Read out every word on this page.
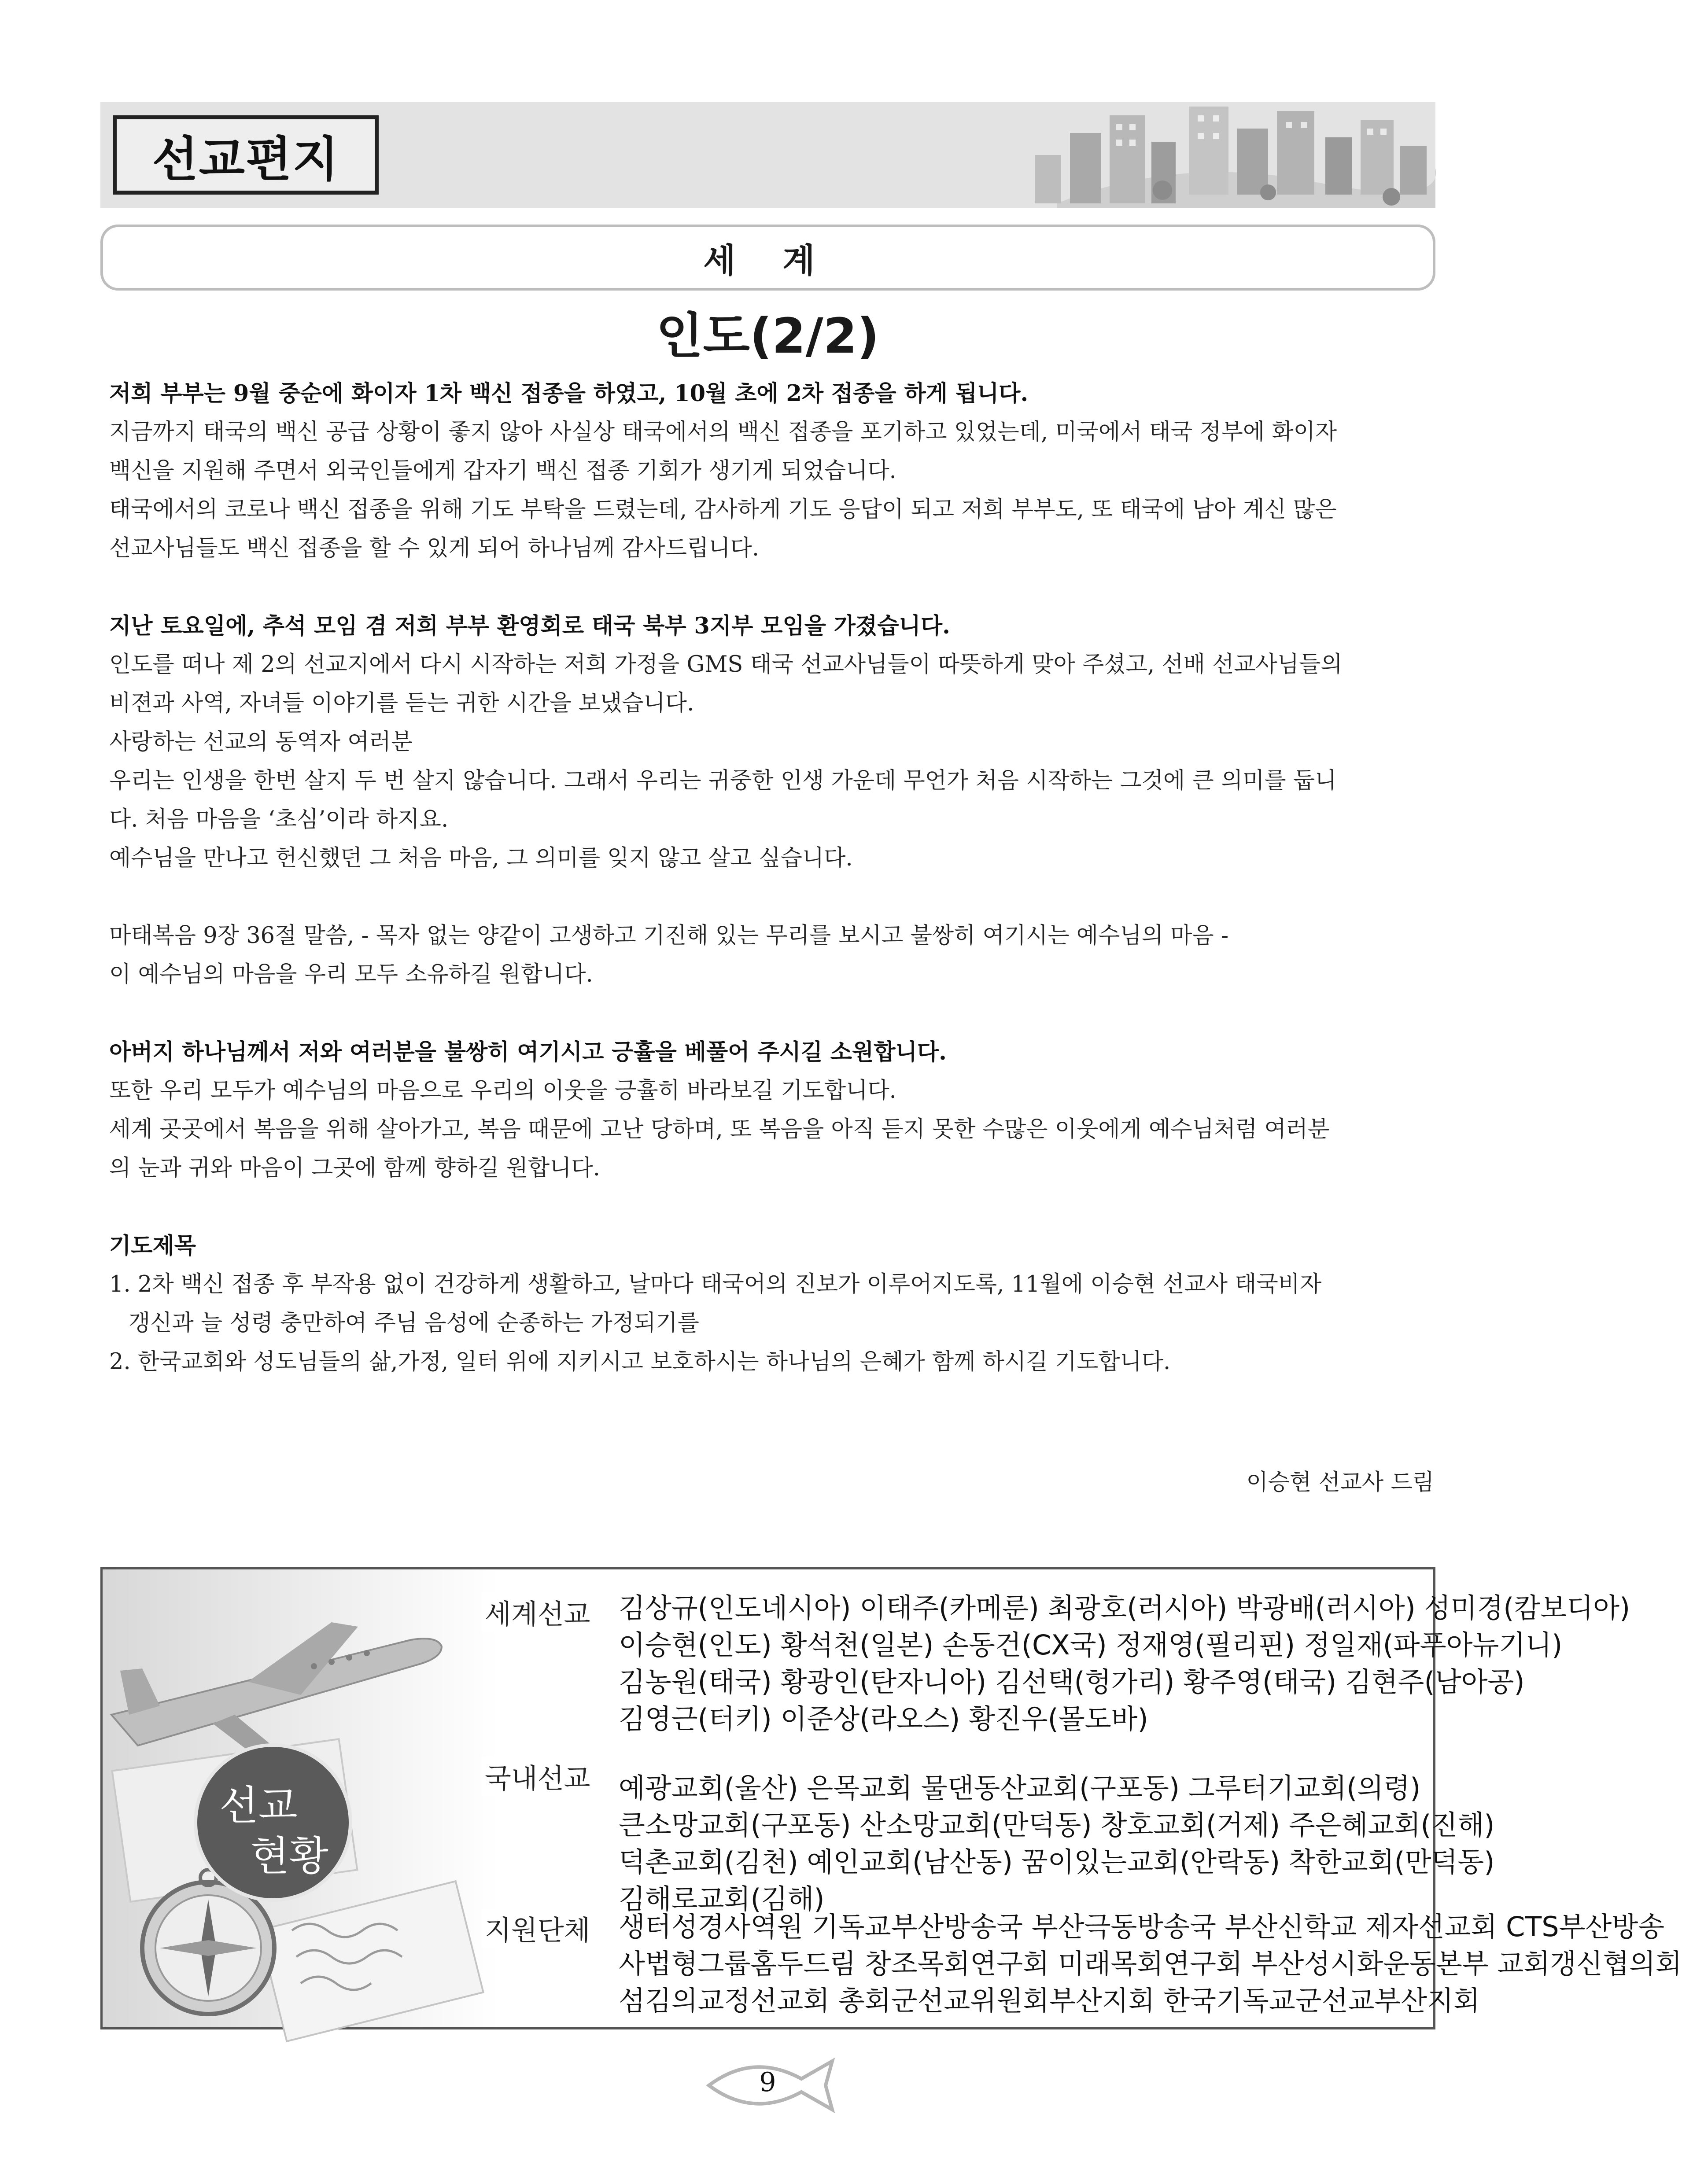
선교편지
세 계
인도(2/2)

저희 부부는 9월 중순에 화이자 1차 백신 접종을 하였고, 10월 초에 2차 접종을 하게 됩니다.

지금까지 태국의 백신 공급 상황이 좋지 않아 사실상 태국에서의 백신 접종을 포기하고 있었는데, 미국에서 태국 정부에 화이자

백신을 지원해 주면서 외국인들에게 갑자기 백신 접종 기회가 생기게 되었습니다.

태국에서의 코로나 백신 접종을 위해 기도 부탁을 드렸는데, 감사하게 기도 응답이 되고 저희 부부도, 또 태국에 남아 계신 많은

선교사님들도 백신 접종을 할 수 있게 되어 하나님께 감사드립니다.

지난 토요일에, 추석 모임 겸 저희 부부 환영회로 태국 북부 3지부 모임을 가졌습니다.

인도를 떠나 제 2의 선교지에서 다시 시작하는 저희 가정을 GMS 태국 선교사님들이 따뜻하게 맞아 주셨고, 선배 선교사님들의

비젼과 사역, 자녀들 이야기를 듣는 귀한 시간을 보냈습니다.

사랑하는 선교의 동역자 여러분

우리는 인생을 한번 살지 두 번 살지 않습니다. 그래서 우리는 귀중한 인생 가운데 무언가 처음 시작하는 그것에 큰 의미를 둡니

다. 처음 마음을 ‘초심’이라 하지요.

예수님을 만나고 헌신했던 그 처음 마음, 그 의미를 잊지 않고 살고 싶습니다.

마태복음 9장 36절 말씀, - 목자 없는 양같이 고생하고 기진해 있는 무리를 보시고 불쌍히 여기시는 예수님의 마음 -

이 예수님의 마음을 우리 모두 소유하길 원합니다.

아버지 하나님께서 저와 여러분을 불쌍히 여기시고 긍휼을 베풀어 주시길 소원합니다.

또한 우리 모두가 예수님의 마음으로 우리의 이웃을 긍휼히 바라보길 기도합니다.

세계 곳곳에서 복음을 위해 살아가고, 복음 때문에 고난 당하며, 또 복음을 아직 듣지 못한 수많은 이웃에게 예수님처럼 여러분

의 눈과 귀와 마음이 그곳에 함께 향하길 원합니다.

기도제목

1. 2차 백신 접종 후 부작용 없이 건강하게 생활하고, 날마다 태국어의 진보가 이루어지도록, 11월에 이승현 선교사 태국비자

갱신과 늘 성령 충만하여 주님 음성에 순종하는 가정되기를

2. 한국교회와 성도님들의 삶,가정, 일터 위에 지키시고 보호하시는 하나님의 은혜가 함께 하시길 기도합니다.

이승현 선교사 드림
세계선교 김상규(인도네시아) 이태주(카메룬) 최광호(러시아) 박광배(러시아) 성미경(캄보디아)
이승현(인도) 황석천(일본) 손동건(CX국) 정재영(필리핀) 정일재(파푸아뉴기니)
김농원(태국) 황광인(탄자니아) 김선택(헝가리) 황주영(태국) 김현주(남아공)
김영근(터키) 이준상(라오스) 황진우(몰도바)
국내선교 예광교회(울산) 은목교회 물댄동산교회(구포동) 그루터기교회(의령)
큰소망교회(구포동) 산소망교회(만덕동) 창호교회(거제) 주은혜교회(진해)
덕촌교회(김천) 예인교회(남산동) 꿈이있는교회(안락동) 착한교회(만덕동)
김해로교회(김해)
지원단체 생터성경사역원 기독교부산방송국 부산극동방송국 부산신학교 제자선교회 CTS부산방송
사법형그룹홈두드림 창조목회연구회 미래목회연구회 부산성시화운동본부 교회갱신협의회
섬김의교정선교회 총회군선교위원회부산지회 한국기독교군선교부산지회
선교
현황
9
